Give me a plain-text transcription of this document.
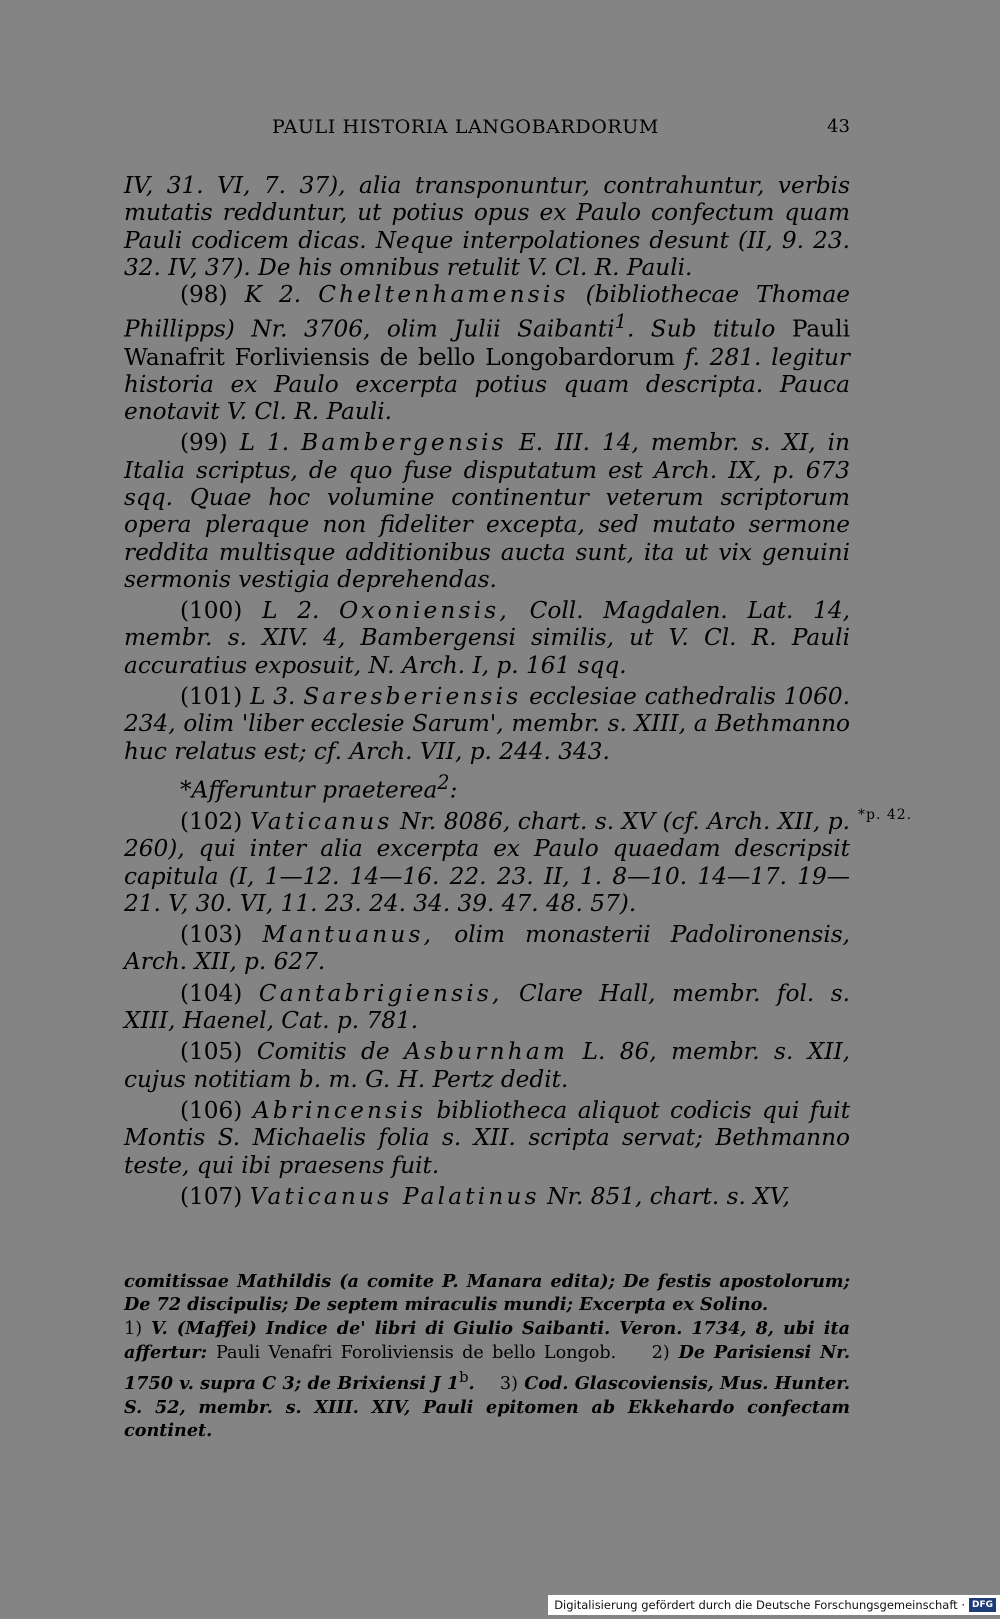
PAULI HISTORIA LANGOBARDORUM	43

IV, 31. VI, 7. 37), alia transponuntur, contrahuntur, verbis mutatis redduntur, ut potius opus ex Paulo confectum quam Pauli codicem dicas. Neque interpolationes desunt (II, 9. 23. 32. IV, 37). De his omnibus retulit V. Cl. R. Pauli.

(98) K 2. Cheltenhamensis (bibliothecae Thomae Phillipps) Nr. 3706, olim Julii Saibanti$^1$. Sub titulo Pauli Wanafrit Forliviensis de bello Longobardorum f. 281. legitur historia ex Paulo excerpta potius quam descripta. Pauca enotavit V. Cl. R. Pauli.

(99) L 1. Bambergensis E. III. 14, membr. s. XI, in Italia scriptus, de quo fuse disputatum est Arch. IX, p. 673 sqq. Quae hoc volumine continentur veterum scriptorum opera pleraque non fideliter excepta, sed mutato sermone reddita multisque additionibus aucta sunt, ita ut vix genuini sermonis vestigia deprehendas.

(100) L 2. Oxoniensis, Coll. Magdalen. Lat. 14, membr. s. XIV. 4, Bambergensi similis, ut V. Cl. R. Pauli accuratius exposuit, N. Arch. I, p. 161 sqq.

(101) L 3. Saresberiensis ecclesiae cathedralis 1060. 234, olim 'liber ecclesie Sarum', membr. s. XIII, a Bethmanno huc relatus est; cf. Arch. VII, p. 244. 343.

*Afferuntur praeterea$^2$:

(102) Vaticanus Nr. 8086, chart. s. XV (cf. Arch. XII, p. 260), qui inter alia excerpta ex Paulo quaedam descripsit capitula (I, 1—12. 14—16. 22. 23. II, 1. 8—10. 14—17. 19—21. V, 30. VI, 11. 23. 24. 34. 39. 47. 48. 57).

(103) Mantuanus, olim monasterii Padolironensis, Arch. XII, p. 627.

(104) Cantabrigiensis, Clare Hall, membr. fol. s. XIII, Haenel, Cat. p. 781.

(105) Comitis de Asburnham L. 86, membr. s. XII, cujus notitiam b. m. G. H. Pertz dedit.

(106) Abrincensis bibliotheca aliquot codicis qui fuit Montis S. Michaelis folia s. XII. scripta servat; Bethmanno teste, qui ibi praesens fuit.

(107) Vaticanus Palatinus Nr. 851, chart. s. XV,

*p. 42.

comitissae Mathildis (a comite P. Manara edita); De festis apostolorum; De 72 discipulis; De septem miraculis mundi; Excerpta ex Solino.

1) V. (Maffei) Indice de' libri di Giulio Saibanti. Veron. 1734, 8, ubi ita affertur: Pauli Venafri Foroliviensis de bello Longob. 2) De Parisiensi Nr. 1750 v. supra C 3; de Brixiensi J 1$^b$.    3) Cod. Glascoviensis, Mus. Hunter. S. 52, membr. s. XIII. XIV, Pauli epitomen ab Ekkehardo confectam continet.

Digitalisierung gefördert durch die Deutsche Forschungsgemeinschaft · DFG
